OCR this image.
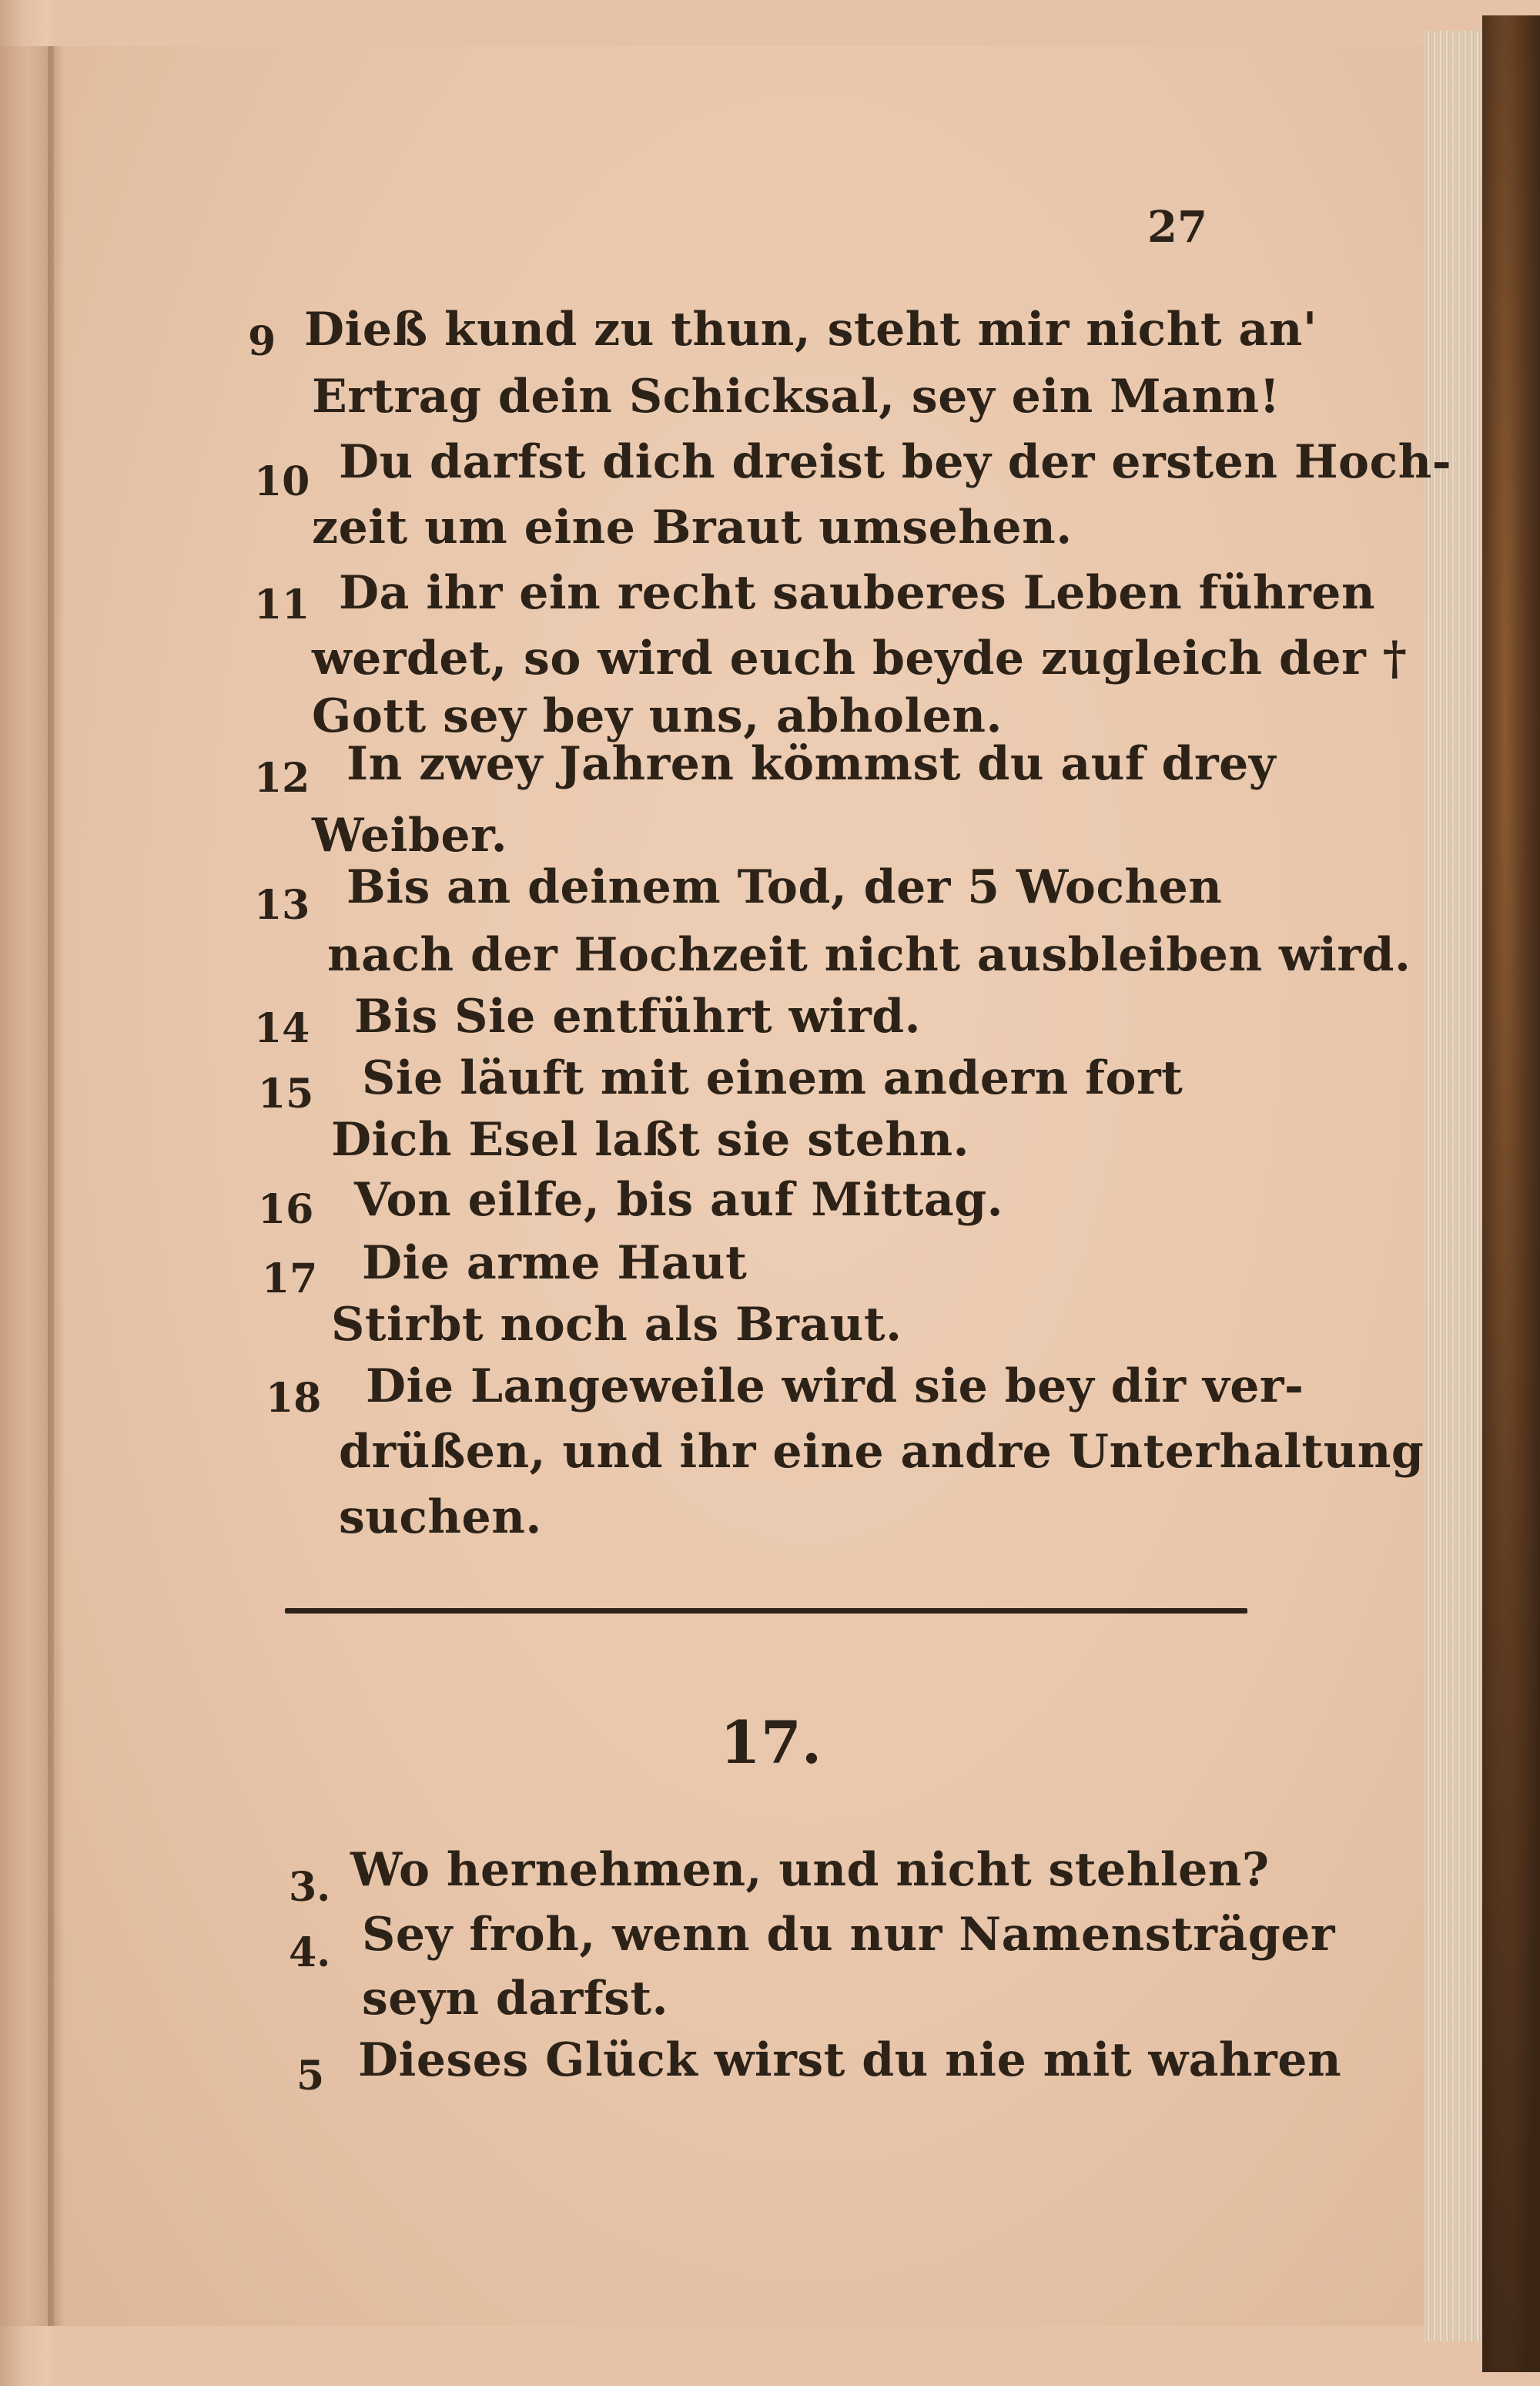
27
9 Dieß kund zu thun, steht mir nicht an'
Ertrag dein Schicksal, sey ein Mann!
10 Du darfst dich dreist bey der ersten Hoch-
zeit um eine Braut umsehen.
11 Da ihr ein recht sauberes Leben führen
werdet, so wird euch beyde zugleich der †
Gott sey bey uns, abholen.
12 In zwey Jahren kömmst du auf drey
Weiber.
13 Bis an deinem Tod, der 5 Wochen
nach der Hochzeit nicht ausbleiben wird.
14 Bis Sie entführt wird.
15 Sie läuft mit einem andern fort
Dich Esel laßt sie stehn.
16 Von eilfe, bis auf Mittag.
17 Die arme Haut
Stirbt noch als Braut.
18 Die Langeweile wird sie bey dir ver-
drüßen, und ihr eine andre Unterhaltung
suchen.
17.
3. Wo hernehmen, und nicht stehlen?
4. Sey froh, wenn du nur Namensträger
seyn darfst.
5 Dieses Glück wirst du nie mit wahren
